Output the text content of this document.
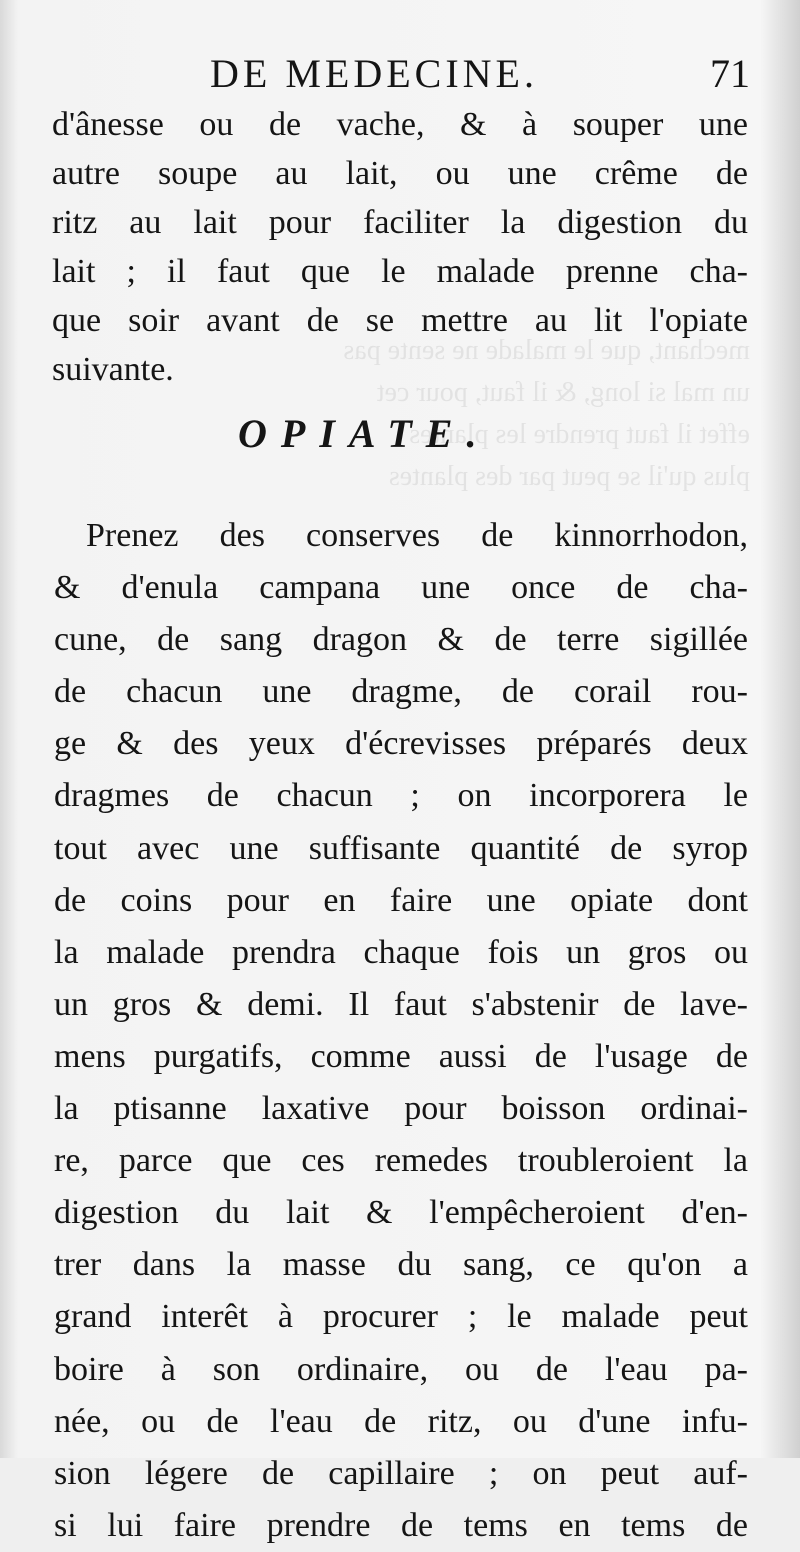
mechant, que le malade ne sente pas
un mal si long, & il faut, pour cet
effet il faut prendre les plantes
plus qu'il se peut par des plantes
DE MEDECINE.	71
d'ânesse ou de vache, & à souper une
autre soupe au lait, ou une crême de
ritz au lait pour faciliter la digestion du
lait ; il faut que le malade prenne cha-
que soir avant de se mettre au lit l'opiate
suivante.
OPIATE.
Prenez des conserves de kinnorrhodon,
& d'enula campana une once de cha-
cune, de sang dragon & de terre sigillée
de chacun une dragme, de corail rou-
ge & des yeux d'écrevisses préparés deux
dragmes de chacun ; on incorporera le
tout avec une suffisante quantité de syrop
de coins pour en faire une opiate dont
la malade prendra chaque fois un gros ou
un gros & demi. Il faut s'abstenir de lave-
mens purgatifs, comme aussi de l'usage de
la ptisanne laxative pour boisson ordinai-
re, parce que ces remedes troubleroient la
digestion du lait & l'empêcheroient d'en-
trer dans la masse du sang, ce qu'on a
grand interêt à procurer ; le malade peut
boire à son ordinaire, ou de l'eau pa-
née, ou de l'eau de ritz, ou d'une infu-
sion légere de capillaire ; on peut auf-
si lui faire prendre de tems en tems de
